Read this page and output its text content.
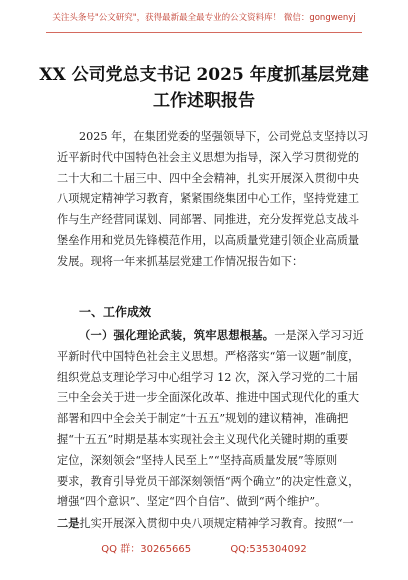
关注头条号"公文研究"，获得最新最全最专业的公文资料库！ 微信：gongwenyj
XX 公司党总支书记 2025 年度抓基层党建
工作述职报告

2025 年，在集团党委的坚强领导下，公司党总支坚持以习

近平新时代中国特色社会主义思想为指导，深入学习贯彻党的

二十大和二十届三中、四中全会精神，扎实开展深入贯彻中央

八项规定精神学习教育，紧紧围绕集团中心工作，坚持党建工

作与生产经营同谋划、同部署、同推进，充分发挥党总支战斗

堡垒作用和党员先锋模范作用，以高质量党建引领企业高质量

发展。现将一年来抓基层党建工作情况报告如下：

一、工作成效

（一）强化理论武装，筑牢思想根基。一是深入学习习近

平新时代中国特色社会主义思想。严格落实“第一议题”制度，

组织党总支理论学习中心组学习 12 次，深入学习党的二十届

三中全会关于进一步全面深化改革、推进中国式现代化的重大

部署和四中全会关于制定“十五五”规划的建议精神，准确把

握“十五五”时期是基本实现社会主义现代化关键时期的重要

定位，深刻领会“坚持人民至上”“坚持高质量发展”等原则

要求，教育引导党员干部深刻领悟“两个确立”的决定性意义，

增强“四个意识”、坚定“四个自信”、做到“两个维护”。

二是扎实开展深入贯彻中央八项规定精神学习教育。按照“一

QQ 群：30265665	QQ:535304092
